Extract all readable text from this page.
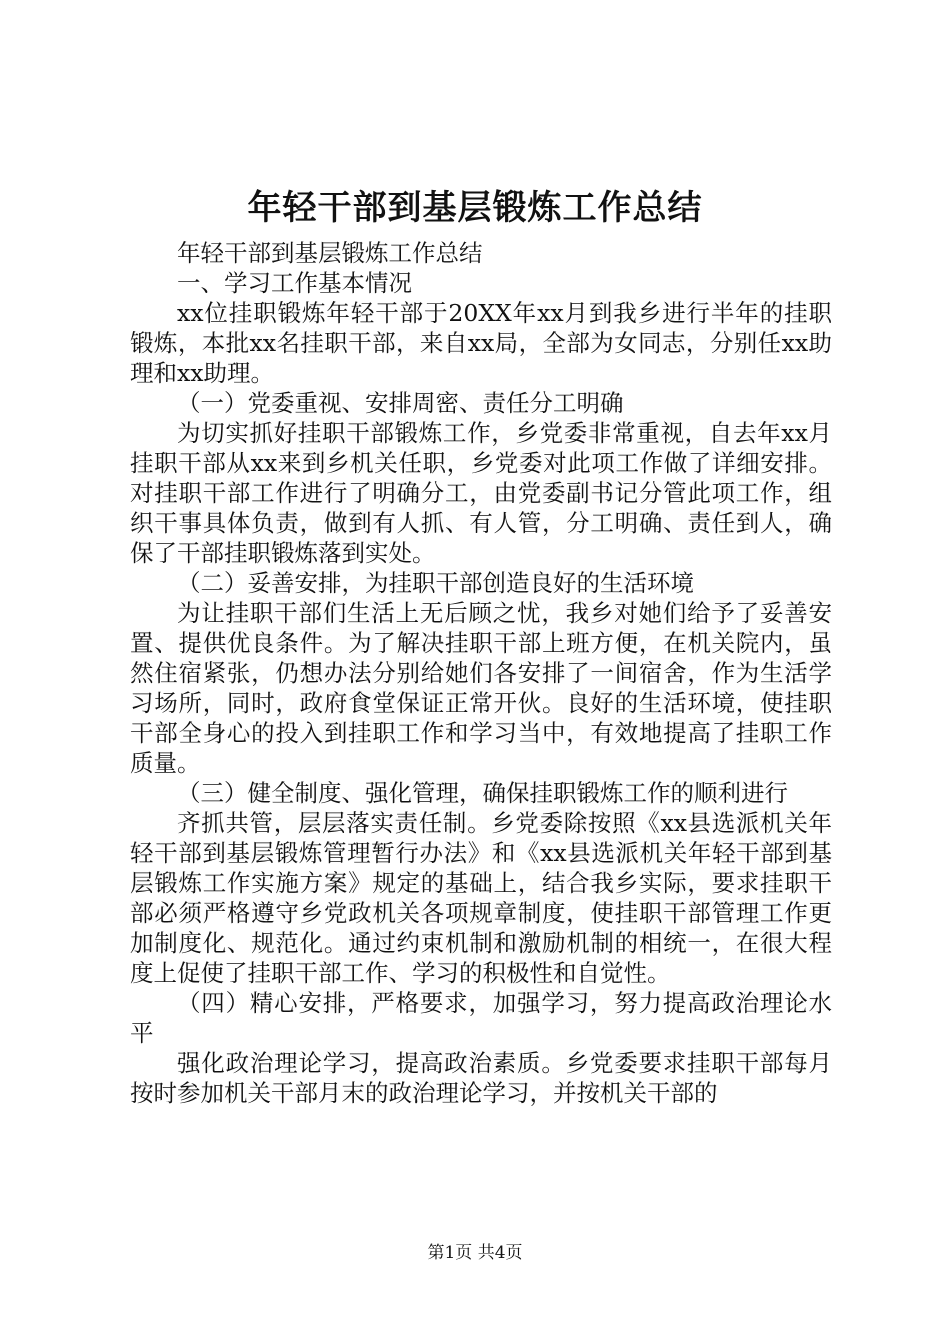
年轻干部到基层锻炼工作总结

年轻干部到基层锻炼工作总结

一、学习工作基本情况

xx位挂职锻炼年轻干部于20XX年xx月到我乡进行半年的挂职锻炼，本批xx名挂职干部，来自xx局，全部为女同志，分别任xx助理和xx助理。

（一）党委重视、安排周密、责任分工明确

为切实抓好挂职干部锻炼工作，乡党委非常重视，自去年xx月挂职干部从xx来到乡机关任职，乡党委对此项工作做了详细安排。对挂职干部工作进行了明确分工，由党委副书记分管此项工作，组织干事具体负责，做到有人抓、有人管，分工明确、责任到人，确保了干部挂职锻炼落到实处。

（二）妥善安排，为挂职干部创造良好的生活环境

为让挂职干部们生活上无后顾之忧，我乡对她们给予了妥善安置、提供优良条件。为了解决挂职干部上班方便，在机关院内，虽然住宿紧张，仍想办法分别给她们各安排了一间宿舍，作为生活学习场所，同时，政府食堂保证正常开伙。良好的生活环境，使挂职干部全身心的投入到挂职工作和学习当中，有效地提高了挂职工作质量。

（三）健全制度、强化管理，确保挂职锻炼工作的顺利进行

齐抓共管，层层落实责任制。乡党委除按照《xx县选派机关年轻干部到基层锻炼管理暂行办法》和《xx县选派机关年轻干部到基层锻炼工作实施方案》规定的基础上，结合我乡实际，要求挂职干部必须严格遵守乡党政机关各项规章制度，使挂职干部管理工作更加制度化、规范化。通过约束机制和激励机制的相统一，在很大程度上促使了挂职干部工作、学习的积极性和自觉性。

（四）精心安排，严格要求，加强学习，努力提高政治理论水平

强化政治理论学习，提高政治素质。乡党委要求挂职干部每月按时参加机关干部月末的政治理论学习，并按机关干部的

第1页 共4页
